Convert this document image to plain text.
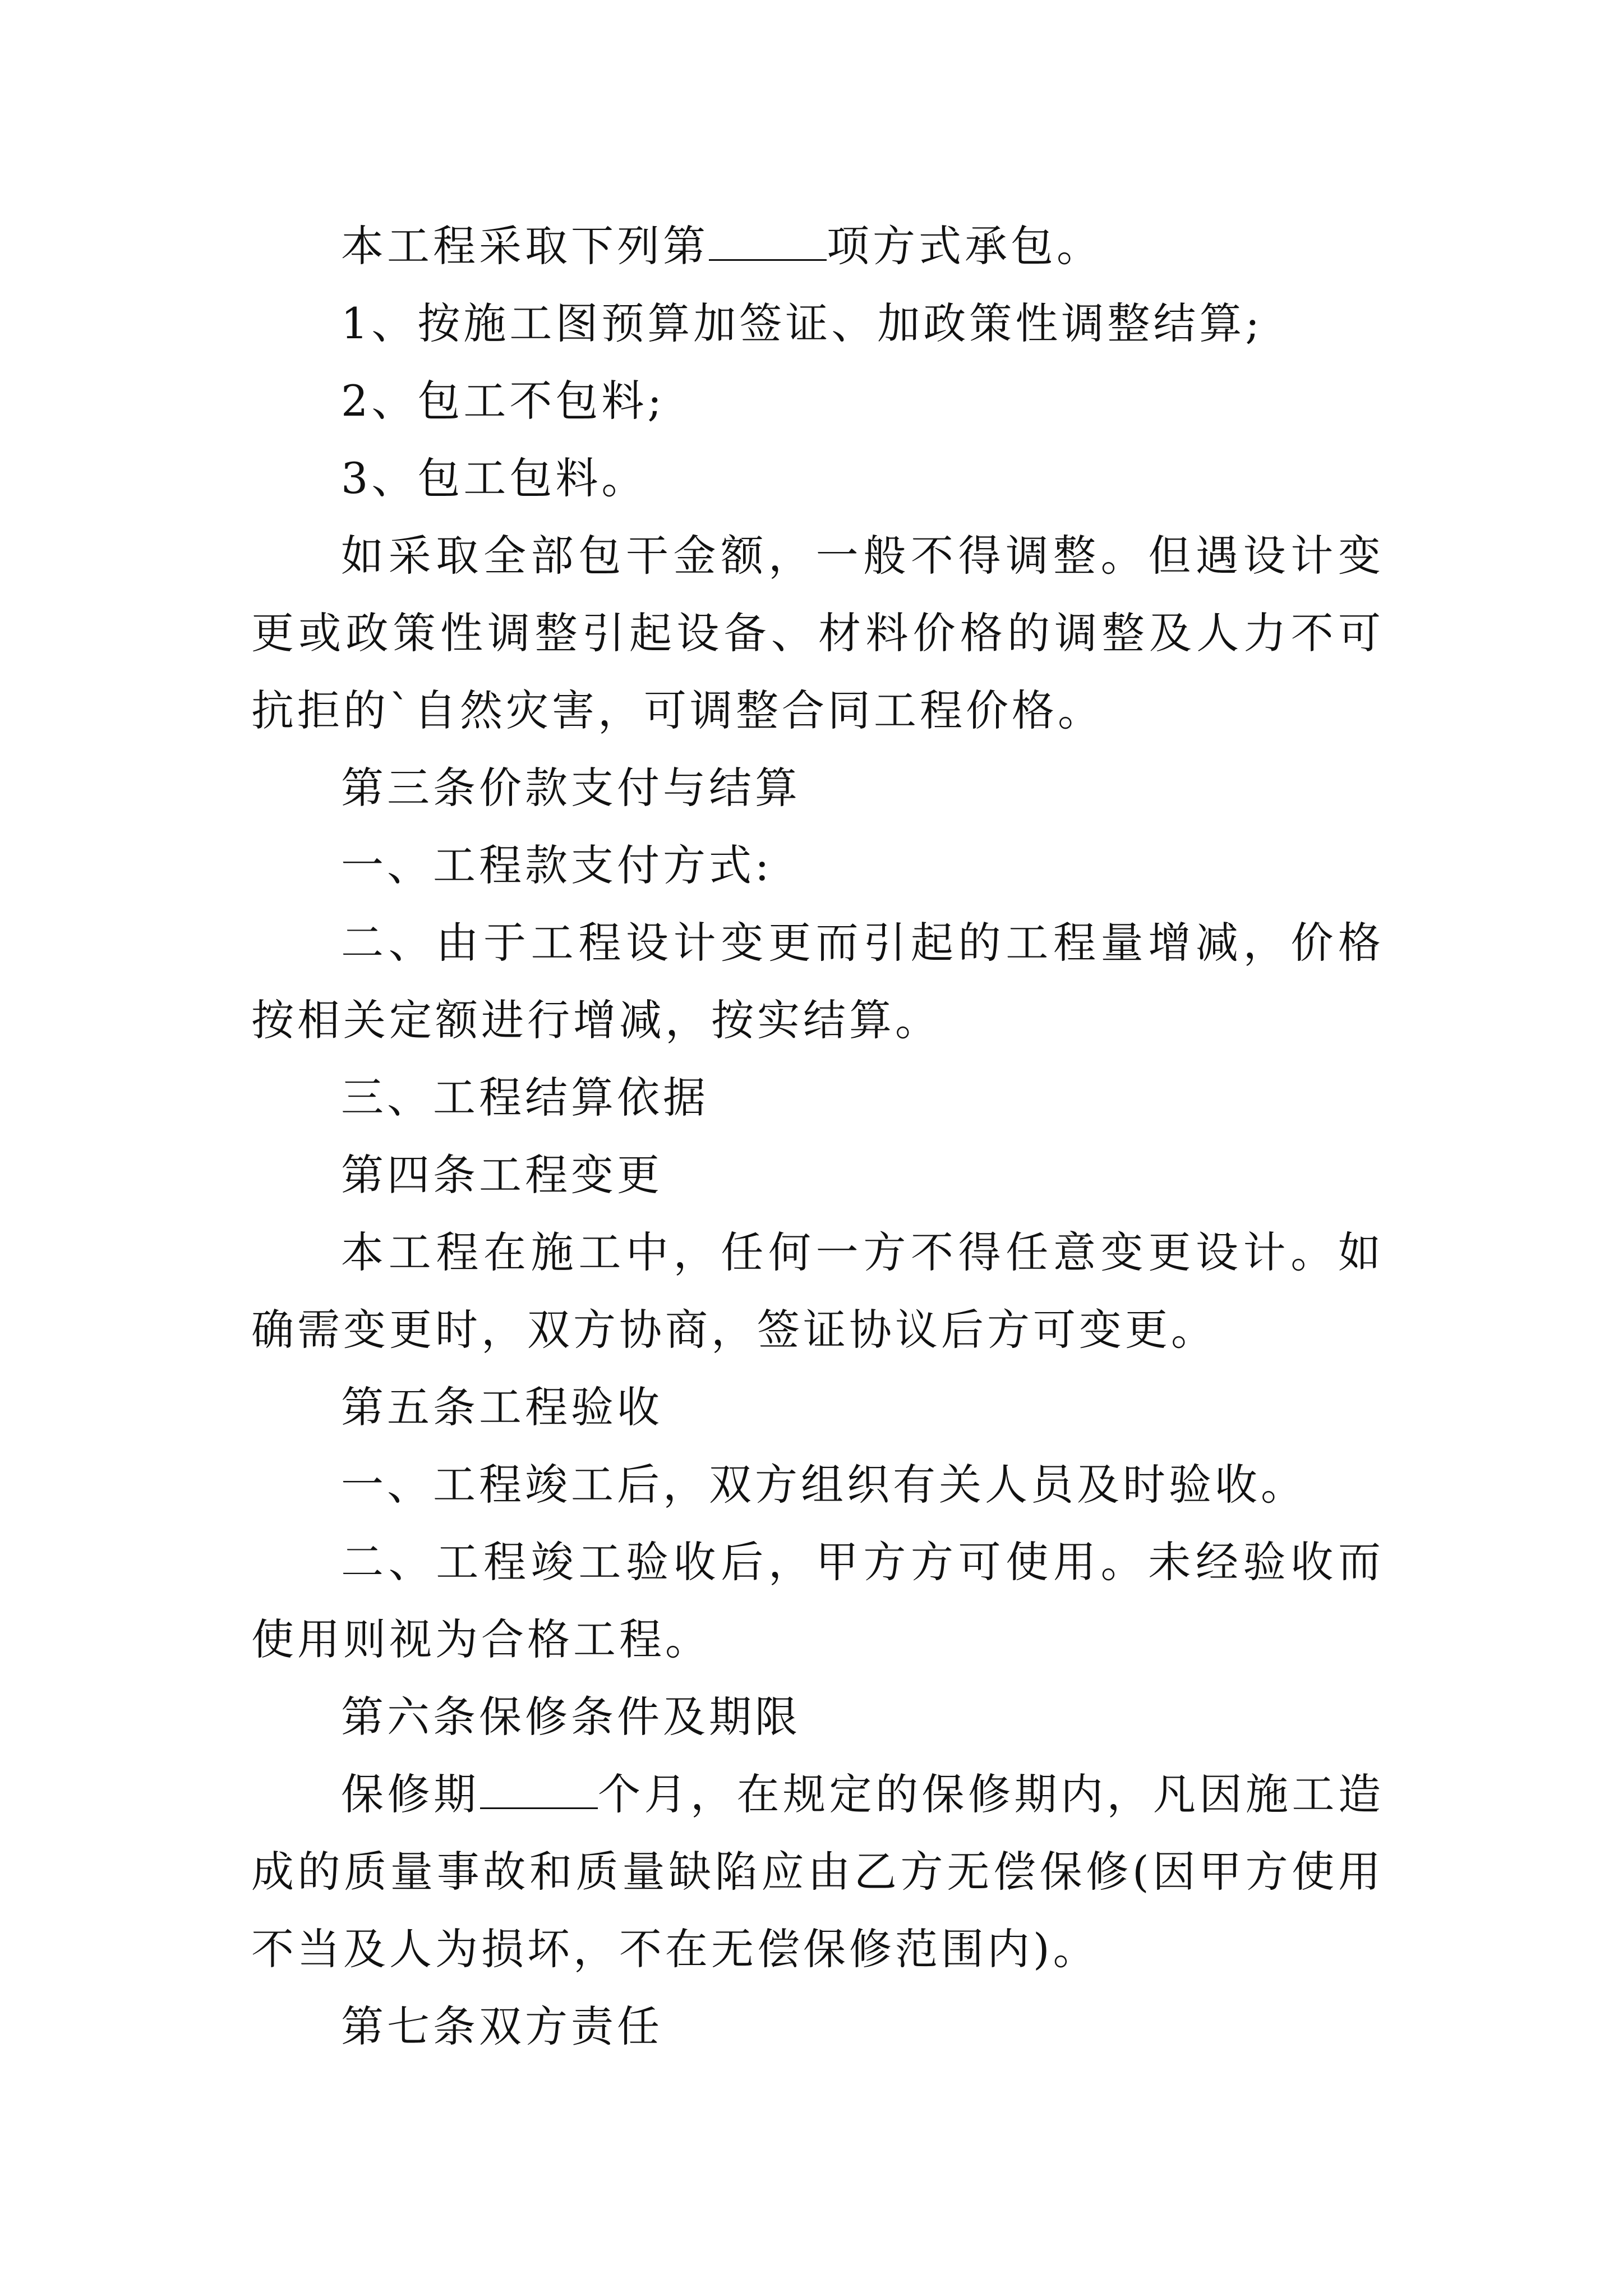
本工程采取下列第	项方式承包。

1、按施工图预算加签证、加政策性调整结算;

2、包工不包料;

3、包工包料。

如采取全部包干金额，一般不得调整。但遇设计变更或政策性调整引起设备、材料价格的调整及人力不可抗拒的`自然灾害，可调整合同工程价格。

第三条价款支付与结算

一、工程款支付方式:

二、由于工程设计变更而引起的工程量增减，价格按相关定额进行增减，按实结算。

三、工程结算依据

第四条工程变更

本工程在施工中，任何一方不得任意变更设计。如确需变更时，双方协商，签证协议后方可变更。

第五条工程验收

一、工程竣工后，双方组织有关人员及时验收。

二、工程竣工验收后，甲方方可使用。未经验收而使用则视为合格工程。

第六条保修条件及期限

保修期	个月，在规定的保修期内，凡因施工造成的质量事故和质量缺陷应由乙方无偿保修(因甲方使用不当及人为损坏，不在无偿保修范围内)。

第七条双方责任
